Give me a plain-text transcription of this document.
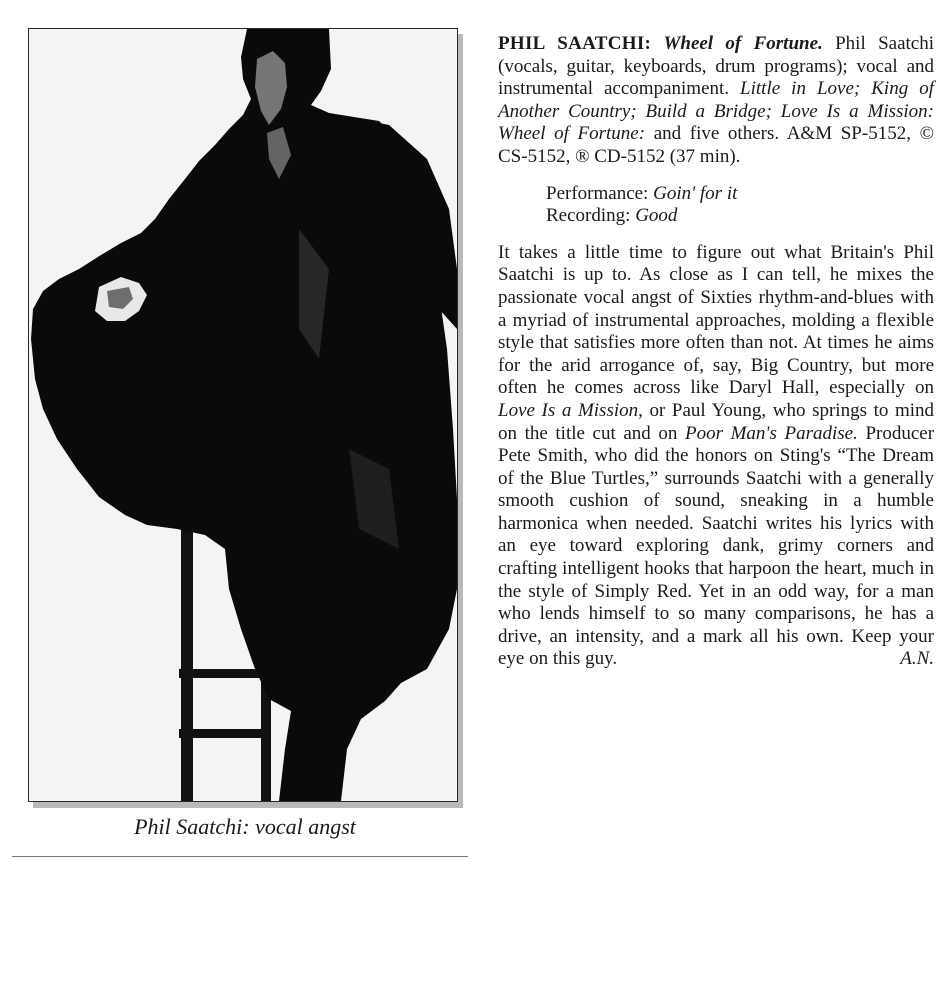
Phil Saatchi: vocal angst
PHIL SAATCHI: Wheel of Fortune. Phil Saatchi (vocals, guitar, keyboards, drum programs); vocal and instrumental accompaniment. Little in Love; King of Another Country; Build a Bridge; Love Is a Mission: Wheel of Fortune: and five others. A&M SP-5152, © CS-5152, ® CD-5152 (37 min).
Performance: Goin' for it
Recording: Good
It takes a little time to figure out what Britain's Phil Saatchi is up to. As close as I can tell, he mixes the passionate vocal angst of Sixties rhythm-and-blues with a myriad of instrumental approaches, molding a flexible style that satisfies more often than not. At times he aims for the arid arrogance of, say, Big Country, but more often he comes across like Daryl Hall, especially on Love Is a Mission, or Paul Young, who springs to mind on the title cut and on Poor Man's Paradise. Producer Pete Smith, who did the honors on Sting's “The Dream of the Blue Turtles,” surrounds Saatchi with a generally smooth cushion of sound, sneaking in a humble harmonica when needed. Saatchi writes his lyrics with an eye toward exploring dank, grimy corners and crafting intelligent hooks that harpoon the heart, much in the style of Simply Red. Yet in an odd way, for a man who lends himself to so many comparisons, he has a drive, an intensity, and a mark all his own. Keep your eye on this guy.	A.N.
